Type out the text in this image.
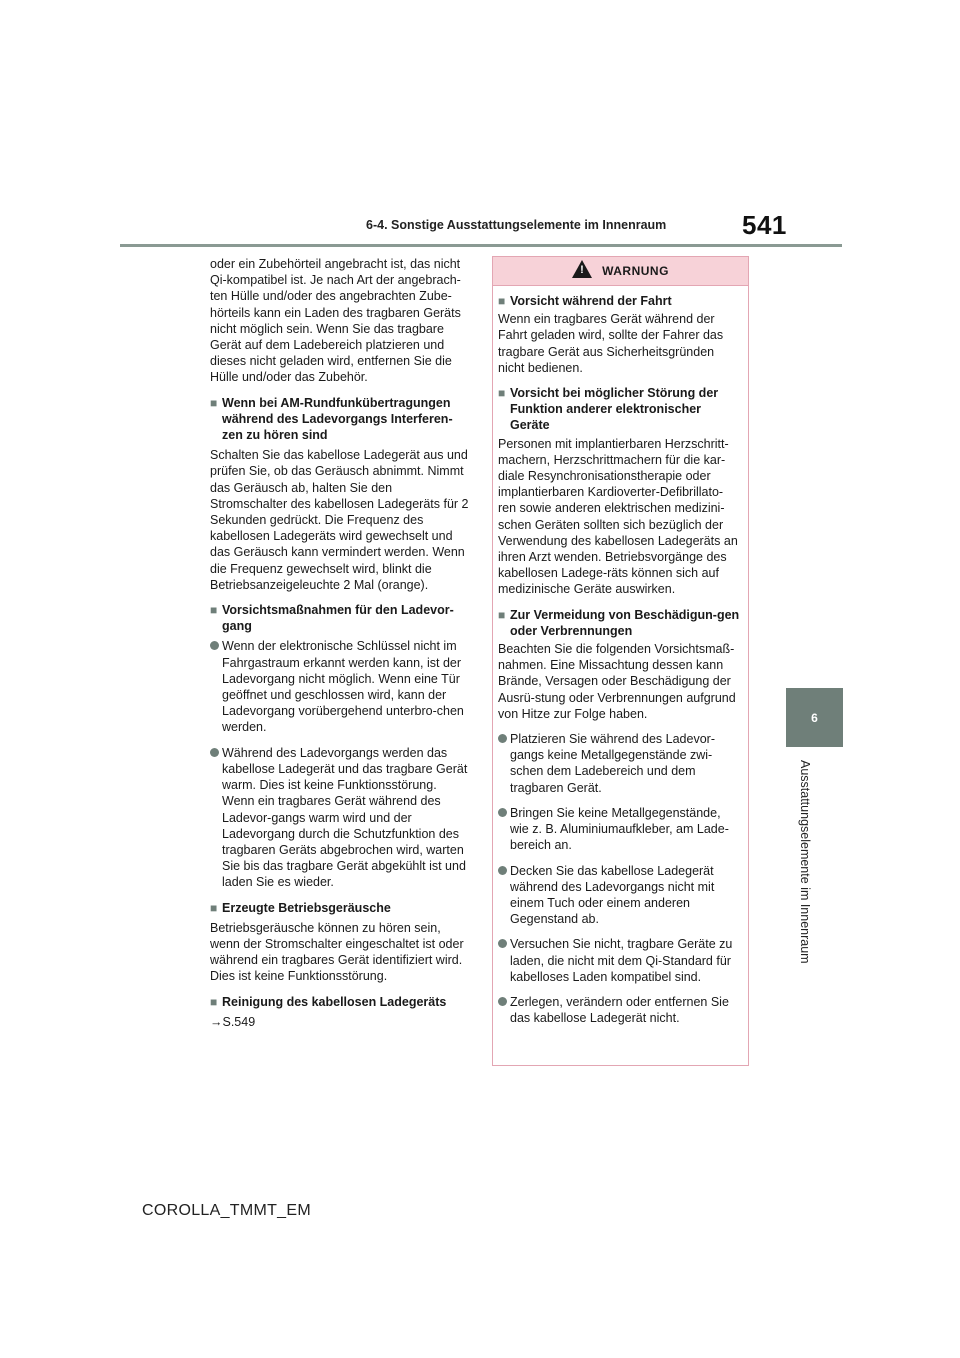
6-4. Sonstige Ausstattungselemente im Innenraum	541
6
Ausstattungselemente im Innenraum

oder ein Zubehörteil angebracht ist, das nicht Qi-kompatibel ist. Je nach Art der angebrach-ten Hülle und/oder des angebrachten Zube-hörteils kann ein Laden des tragbaren Geräts nicht möglich sein. Wenn Sie das tragbare Gerät auf dem Ladebereich platzieren und dieses nicht geladen wird, entfernen Sie die Hülle und/oder das Zubehör.

■
Wenn bei AM-Rundfunkübertragungen während des Ladevorgangs Interferen-zen zu hören sind

Schalten Sie das kabellose Ladegerät aus und prüfen Sie, ob das Geräusch abnimmt. Nimmt das Geräusch ab, halten Sie den Stromschalter des kabellosen Ladegeräts für 2 Sekunden gedrückt. Die Frequenz des kabellosen Ladegeräts wird gewechselt und das Geräusch kann vermindert werden. Wenn die Frequenz gewechselt wird, blinkt die Betriebsanzeigeleuchte 2 Mal (orange).

■
Vorsichtsmaßnahmen für den Ladevor-gang
Wenn der elektronische Schlüssel nicht im Fahrgastraum erkannt werden kann, ist der Ladevorgang nicht möglich. Wenn eine Tür geöffnet und geschlossen wird, kann der Ladevorgang vorübergehend unterbro-chen werden.
Während des Ladevorgangs werden das kabellose Ladegerät und das tragbare Gerät warm. Dies ist keine Funktionsstörung. Wenn ein tragbares Gerät während des Ladevor-gangs warm wird und der Ladevorgang durch die Schutzfunktion des tragbaren Geräts abgebrochen wird, warten Sie bis das tragbare Gerät abgekühlt ist und laden Sie es wieder.
■
Erzeugte Betriebsgeräusche

Betriebsgeräusche können zu hören sein, wenn der Stromschalter eingeschaltet ist oder während ein tragbares Gerät identifiziert wird. Dies ist keine Funktionsstörung.

■
Reinigung des kabellosen Ladegeräts

→S.549

!
WARNUNG
■
Vorsicht während der Fahrt

Wenn ein tragbares Gerät während der Fahrt geladen wird, sollte der Fahrer das tragbare Gerät aus Sicherheitsgründen nicht bedienen.

■
Vorsicht bei möglicher Störung der Funktion anderer elektronischer Geräte

Personen mit implantierbaren Herzschritt-machern, Herzschrittmachern für die kar-diale Resynchronisationstherapie oder implantierbaren Kardioverter-Defibrillato-ren sowie anderen elektrischen medizini-schen Geräten sollten sich bezüglich der Verwendung des kabellosen Ladegeräts an ihren Arzt wenden. Betriebsvorgänge des kabellosen Ladege-räts können sich auf medizinische Geräte auswirken.

■
Zur Vermeidung von Beschädigun-gen oder Verbrennungen

Beachten Sie die folgenden Vorsichtsmaß-nahmen. Eine Missachtung dessen kann Brände, Versagen oder Beschädigung der Ausrü-stung oder Verbrennungen aufgrund von Hitze zur Folge haben.

Platzieren Sie während des Ladevor-gangs keine Metallgegenstände zwi-schen dem Ladebereich und dem tragbaren Gerät.
Bringen Sie keine Metallgegenstände, wie z. B. Aluminiumaufkleber, am Lade-bereich an.
Decken Sie das kabellose Ladegerät während des Ladevorgangs nicht mit einem Tuch oder einem anderen Gegenstand ab.
Versuchen Sie nicht, tragbare Geräte zu laden, die nicht mit dem Qi-Standard für kabelloses Laden kompatibel sind.
Zerlegen, verändern oder entfernen Sie das kabellose Ladegerät nicht.
COROLLA_TMMT_EM
